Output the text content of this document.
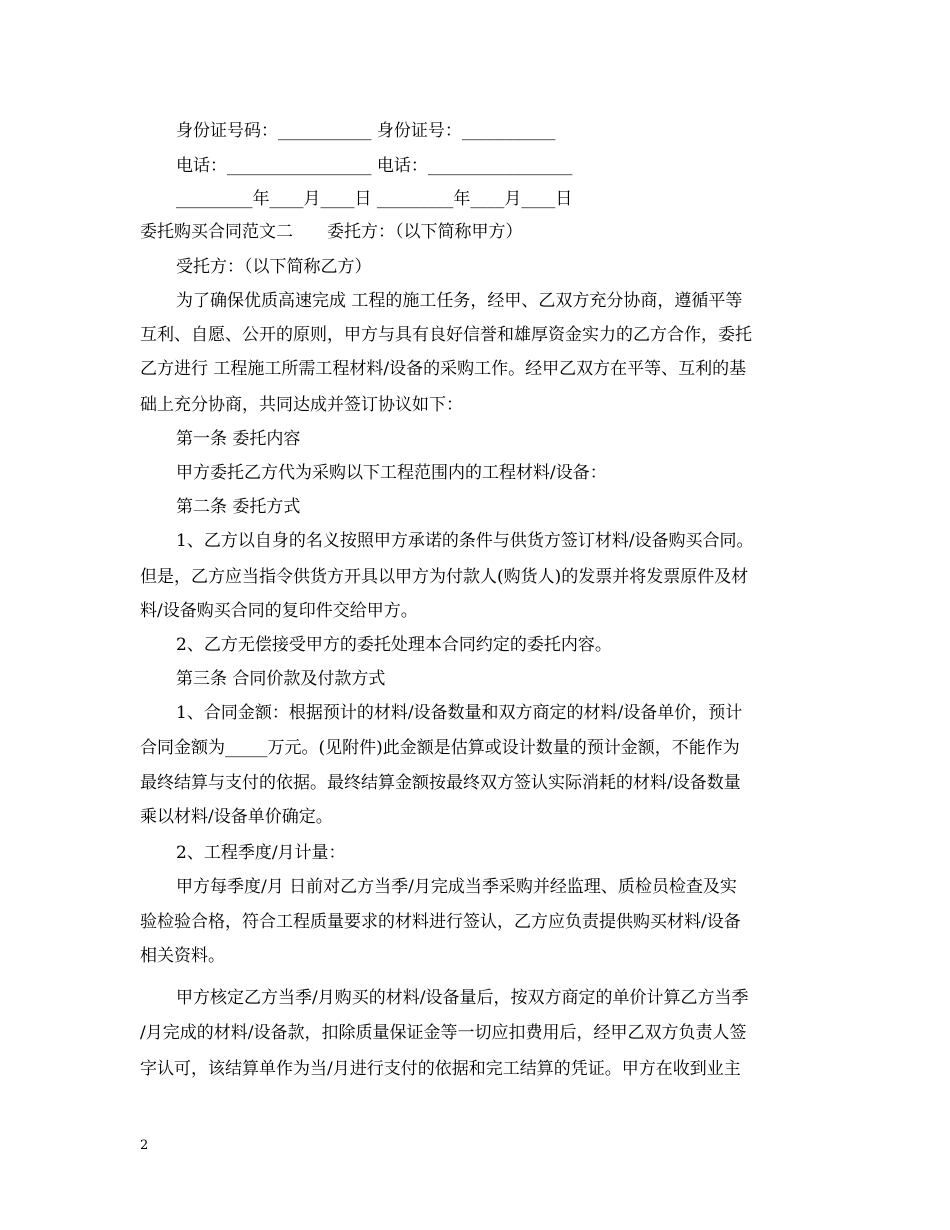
身份证号码：___________ 身份证号：___________
电话：_________________ 电话：_________________
_________年____月____日 _________年____月____日
委托购买合同范文二　　委托方：（以下简称甲方）
受托方：（以下简称乙方）
为了确保优质高速完成 工程的施工任务，经甲、乙双方充分协商，遵循平等
互利、自愿、公开的原则，甲方与具有良好信誉和雄厚资金实力的乙方合作，委托
乙方进行 工程施工所需工程材料/设备的采购工作。经甲乙双方在平等、互利的基
础上充分协商，共同达成并签订协议如下：
第一条 委托内容
甲方委托乙方代为采购以下工程范围内的工程材料/设备：
第二条 委托方式
1、乙方以自身的名义按照甲方承诺的条件与供货方签订材料/设备购买合同。
但是，乙方应当指令供货方开具以甲方为付款人(购货人)的发票并将发票原件及材
料/设备购买合同的复印件交给甲方。
2、乙方无偿接受甲方的委托处理本合同约定的委托内容。
第三条 合同价款及付款方式
1、合同金额：根据预计的材料/设备数量和双方商定的材料/设备单价，预计
合同金额为_____万元。(见附件)此金额是估算或设计数量的预计金额，不能作为
最终结算与支付的依据。最终结算金额按最终双方签认实际消耗的材料/设备数量
乘以材料/设备单价确定。
2、工程季度/月计量：
甲方每季度/月 日前对乙方当季/月完成当季采购并经监理、质检员检查及实
验检验合格，符合工程质量要求的材料进行签认，乙方应负责提供购买材料/设备
相关资料。
甲方核定乙方当季/月购买的材料/设备量后，按双方商定的单价计算乙方当季
/月完成的材料/设备款，扣除质量保证金等一切应扣费用后，经甲乙双方负责人签
字认可，该结算单作为当/月进行支付的依据和完工结算的凭证。甲方在收到业主
2
